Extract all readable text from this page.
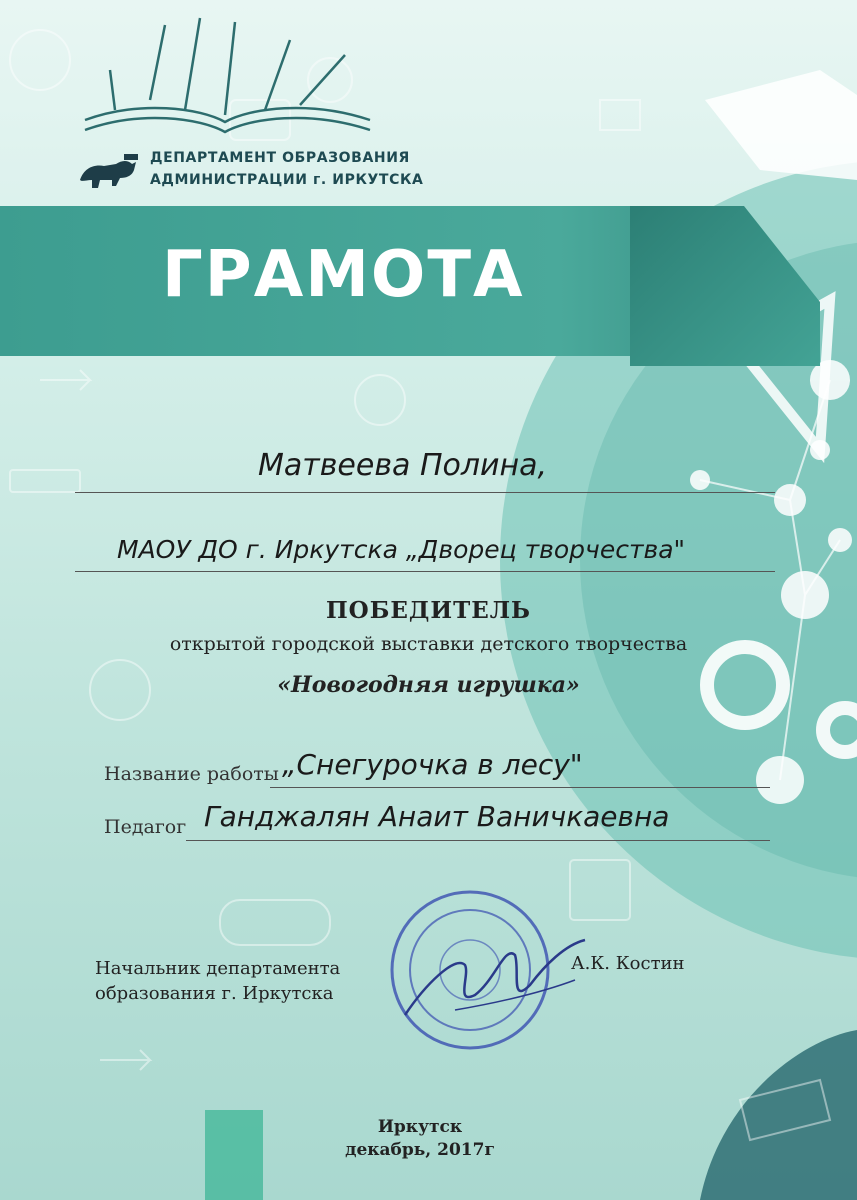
ДЕПАРТАМЕНТ ОБРАЗОВАНИЯ
АДМИНИСТРАЦИИ г. ИРКУТСКА
ГРАМОТА
Матвеева Полина,
МАОУ ДО г. Иркутска „Дворец творчества"
ПОБЕДИТЕЛЬ
открытой городской выставки детского творчества
«Новогодняя игрушка»
Название работы „Снегурочка в лесу"
Педагог Ганджалян Анаит Ваничкаевна
Начальник департамента
образования г. Иркутска
А.К. Костин
Иркутск
декабрь, 2017г
